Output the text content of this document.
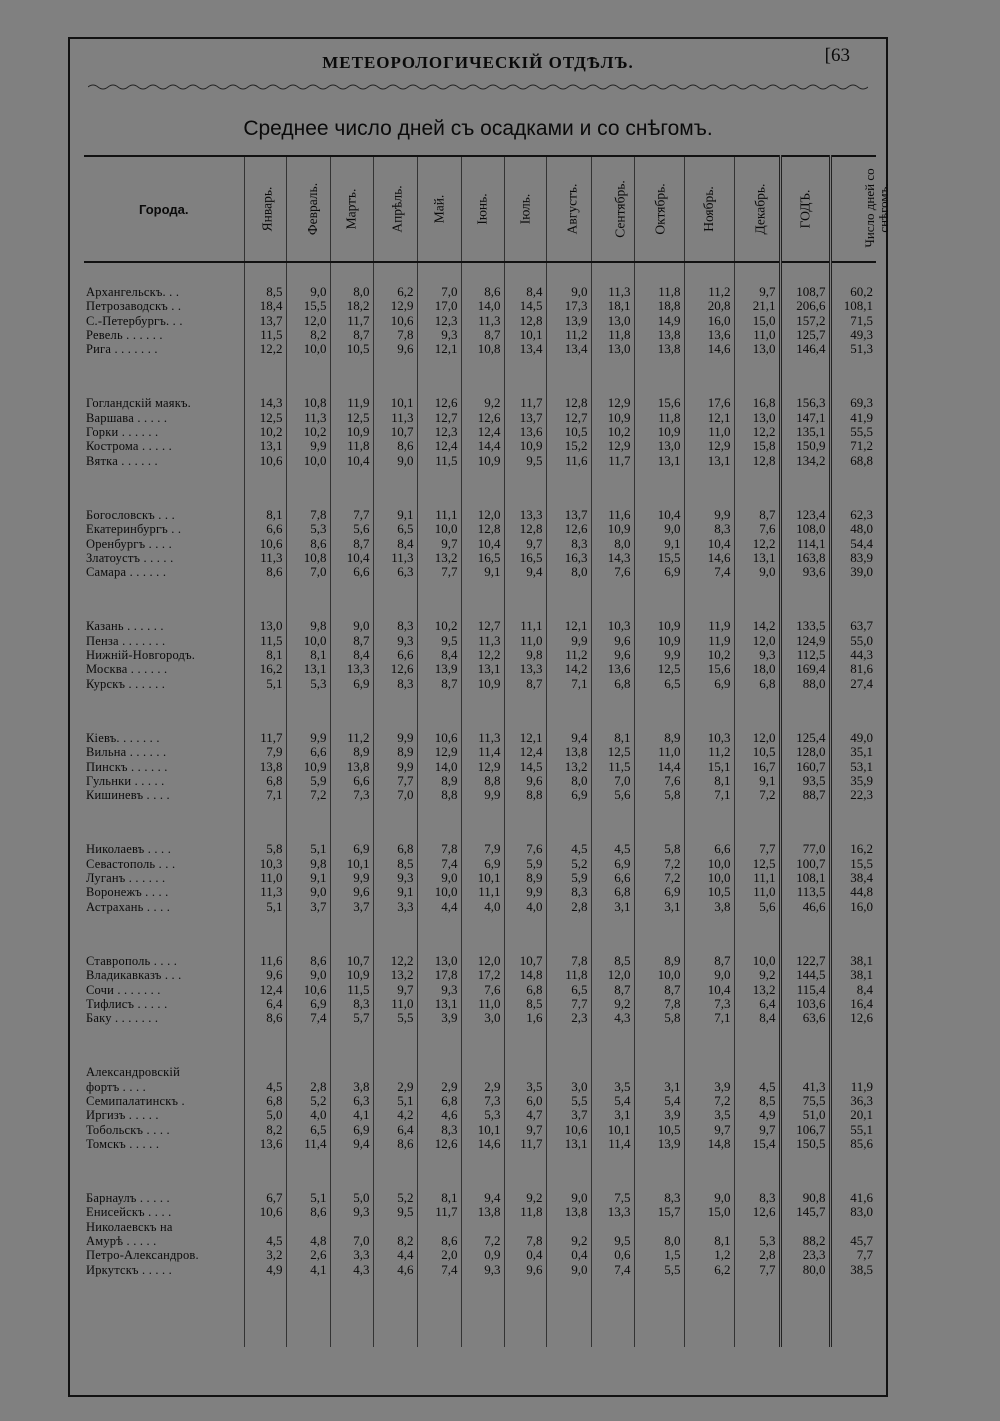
МЕТЕОРОЛОГИЧЕСКІЙ ОТДѢЛЪ.	[63
Среднее число дней съ осадками и со снѣгомъ.
Города.	Январь.	Февраль.	Мартъ.	Апрѣль.	Май.	Іюнь.	Іюль.	Августъ.	Сентябрь.	Октябрь.	Ноябрь.	Декабрь.	ГОДЪ.	Число дней со снѣгомъ.

Архангельскъ. . .	8,5	9,0	8,0	6,2	7,0	8,6	8,4	9,0	11,3	11,8	11,2	9,7	108,7	60,2
Петрозаводскъ . .	18,4	15,5	18,2	12,9	17,0	14,0	14,5	17,3	18,1	18,8	20,8	21,1	206,6	108,1
С.-Петербургъ. . .	13,7	12,0	11,7	10,6	12,3	11,3	12,8	13,9	13,0	14,9	16,0	15,0	157,2	71,5
Ревель . . . . . .	11,5	8,2	8,7	7,8	9,3	8,7	10,1	11,2	11,8	13,8	13,6	11,0	125,7	49,3
Рига . . . . . . .	12,2	10,0	10,5	9,6	12,1	10,8	13,4	13,4	13,0	13,8	14,6	13,0	146,4	51,3

Гогландскій маякъ.	14,3	10,8	11,9	10,1	12,6	9,2	11,7	12,8	12,9	15,6	17,6	16,8	156,3	69,3
Варшава . . . . .	12,5	11,3	12,5	11,3	12,7	12,6	13,7	12,7	10,9	11,8	12,1	13,0	147,1	41,9
Горки . . . . . .	10,2	10,2	10,9	10,7	12,3	12,4	13,6	10,5	10,2	10,9	11,0	12,2	135,1	55,5
Кострома . . . . .	13,1	9,9	11,8	8,6	12,4	14,4	10,9	15,2	12,9	13,0	12,9	15,8	150,9	71,2
Вятка . . . . . .	10,6	10,0	10,4	9,0	11,5	10,9	9,5	11,6	11,7	13,1	13,1	12,8	134,2	68,8

Богословскъ . . .	8,1	7,8	7,7	9,1	11,1	12,0	13,3	13,7	11,6	10,4	9,9	8,7	123,4	62,3
Екатеринбургъ . .	6,6	5,3	5,6	6,5	10,0	12,8	12,8	12,6	10,9	9,0	8,3	7,6	108,0	48,0
Оренбургъ . . . .	10,6	8,6	8,7	8,4	9,7	10,4	9,7	8,3	8,0	9,1	10,4	12,2	114,1	54,4
Златоустъ . . . . .	11,3	10,8	10,4	11,3	13,2	16,5	16,5	16,3	14,3	15,5	14,6	13,1	163,8	83,9
Самара . . . . . .	8,6	7,0	6,6	6,3	7,7	9,1	9,4	8,0	7,6	6,9	7,4	9,0	93,6	39,0

Казань . . . . . .	13,0	9,8	9,0	8,3	10,2	12,7	11,1	12,1	10,3	10,9	11,9	14,2	133,5	63,7
Пенза . . . . . . .	11,5	10,0	8,7	9,3	9,5	11,3	11,0	9,9	9,6	10,9	11,9	12,0	124,9	55,0
Нижній-Новгородъ.	8,1	8,1	8,4	6,6	8,4	12,2	9,8	11,2	9,6	9,9	10,2	9,3	112,5	44,3
Москва . . . . . .	16,2	13,1	13,3	12,6	13,9	13,1	13,3	14,2	13,6	12,5	15,6	18,0	169,4	81,6
Курскъ . . . . . .	5,1	5,3	6,9	8,3	8,7	10,9	8,7	7,1	6,8	6,5	6,9	6,8	88,0	27,4

Кіевъ. . . . . . .	11,7	9,9	11,2	9,9	10,6	11,3	12,1	9,4	8,1	8,9	10,3	12,0	125,4	49,0
Вильна . . . . . .	7,9	6,6	8,9	8,9	12,9	11,4	12,4	13,8	12,5	11,0	11,2	10,5	128,0	35,1
Пинскъ . . . . . .	13,8	10,9	13,8	9,9	14,0	12,9	14,5	13,2	11,5	14,4	15,1	16,7	160,7	53,1
Гульнки . . . . .	6,8	5,9	6,6	7,7	8,9	8,8	9,6	8,0	7,0	7,6	8,1	9,1	93,5	35,9
Кишиневъ . . . .	7,1	7,2	7,3	7,0	8,8	9,9	8,8	6,9	5,6	5,8	7,1	7,2	88,7	22,3

Николаевъ . . . .	5,8	5,1	6,9	6,8	7,8	7,9	7,6	4,5	4,5	5,8	6,6	7,7	77,0	16,2
Севастополь . . .	10,3	9,8	10,1	8,5	7,4	6,9	5,9	5,2	6,9	7,2	10,0	12,5	100,7	15,5
Луганъ . . . . . .	11,0	9,1	9,9	9,3	9,0	10,1	8,9	5,9	6,6	7,2	10,0	11,1	108,1	38,4
Воронежъ . . . .	11,3	9,0	9,6	9,1	10,0	11,1	9,9	8,3	6,8	6,9	10,5	11,0	113,5	44,8
Астрахань . . . .	5,1	3,7	3,7	3,3	4,4	4,0	4,0	2,8	3,1	3,1	3,8	5,6	46,6	16,0

Ставрополь . . . .	11,6	8,6	10,7	12,2	13,0	12,0	10,7	7,8	8,5	8,9	8,7	10,0	122,7	38,1
Владикавказъ . . .	9,6	9,0	10,9	13,2	17,8	17,2	14,8	11,8	12,0	10,0	9,0	9,2	144,5	38,1
Сочи . . . . . . .	12,4	10,6	11,5	9,7	9,3	7,6	6,8	6,5	8,7	8,7	10,4	13,2	115,4	8,4
Тифлисъ . . . . .	6,4	6,9	8,3	11,0	13,1	11,0	8,5	7,7	9,2	7,8	7,3	6,4	103,6	16,4
Баку . . . . . . .	8,6	7,4	5,7	5,5	3,9	3,0	1,6	2,3	4,3	5,8	7,1	8,4	63,6	12,6

Александровскій														
фортъ . . . .	4,5	2,8	3,8	2,9	2,9	2,9	3,5	3,0	3,5	3,1	3,9	4,5	41,3	11,9
Семипалатинскъ .	6,8	5,2	6,3	5,1	6,8	7,3	6,0	5,5	5,4	5,4	7,2	8,5	75,5	36,3
Иргизъ . . . . .	5,0	4,0	4,1	4,2	4,6	5,3	4,7	3,7	3,1	3,9	3,5	4,9	51,0	20,1
Тобольскъ . . . .	8,2	6,5	6,9	6,4	8,3	10,1	9,7	10,6	10,1	10,5	9,7	9,7	106,7	55,1
Томскъ . . . . .	13,6	11,4	9,4	8,6	12,6	14,6	11,7	13,1	11,4	13,9	14,8	15,4	150,5	85,6

Барнаулъ . . . . .	6,7	5,1	5,0	5,2	8,1	9,4	9,2	9,0	7,5	8,3	9,0	8,3	90,8	41,6
Енисейскъ . . . .	10,6	8,6	9,3	9,5	11,7	13,8	11,8	13,8	13,3	15,7	15,0	12,6	145,7	83,0
Николаевскъ на														
Амурѣ . . . . .	4,5	4,8	7,0	8,2	8,6	7,2	7,8	9,2	9,5	8,0	8,1	5,3	88,2	45,7
Петро-Александров.	3,2	2,6	3,3	4,4	2,0	0,9	0,4	0,4	0,6	1,5	1,2	2,8	23,3	7,7
Иркутскъ . . . . .	4,9	4,1	4,3	4,6	7,4	9,3	9,6	9,0	7,4	5,5	6,2	7,7	80,0	38,5
